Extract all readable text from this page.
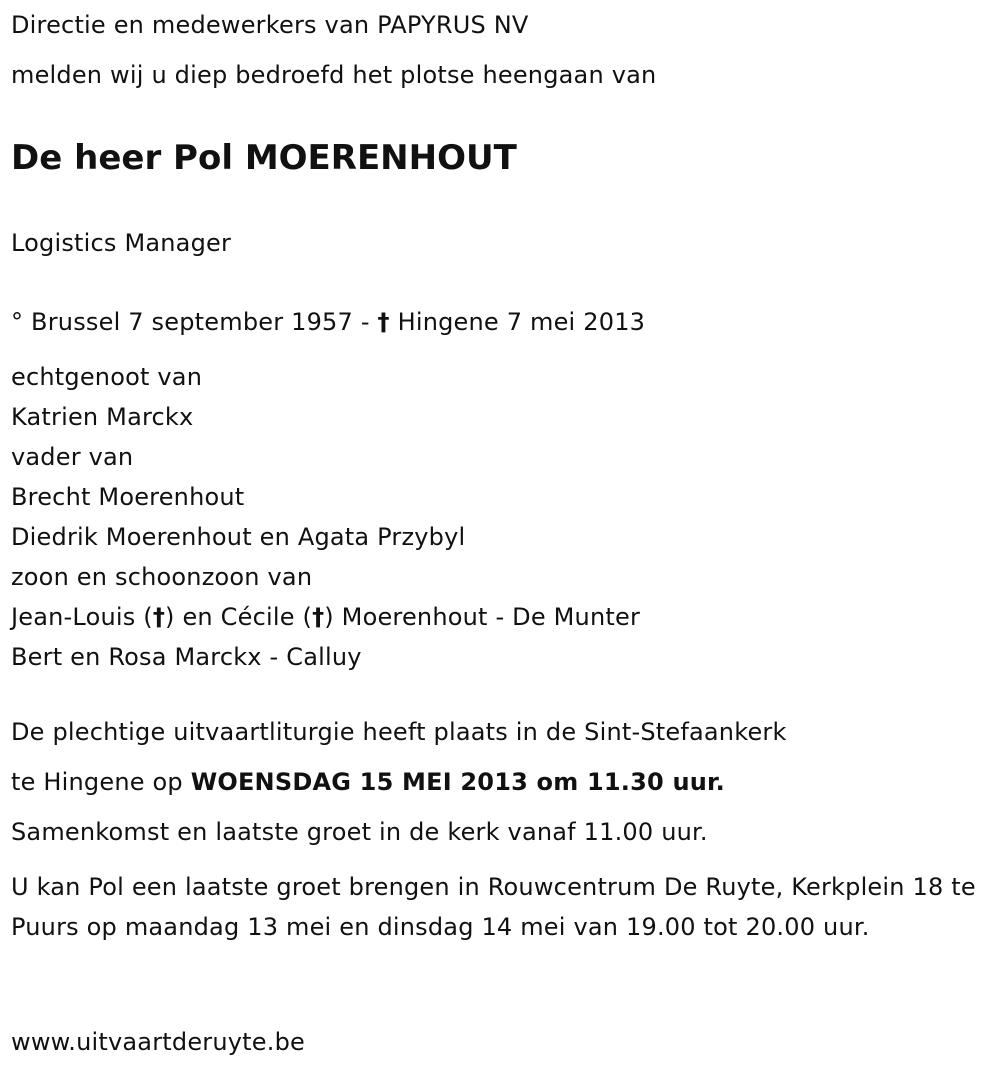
Directie en medewerkers van PAPYRUS NV
melden wij u diep bedroefd het plotse heengaan van
De heer Pol MOERENHOUT
Logistics Manager
° Brussel 7 september 1957 - † Hingene 7 mei 2013
echtgenoot van
Katrien Marckx
vader van
Brecht Moerenhout
Diedrik Moerenhout en Agata Przybyl
zoon en schoonzoon van
Jean-Louis (†) en Cécile (†) Moerenhout - De Munter
Bert en Rosa Marckx - Calluy
De plechtige uitvaartliturgie heeft plaats in de Sint-Stefaankerk
te Hingene op WOENSDAG 15 MEI 2013 om 11.30 uur.
Samenkomst en laatste groet in de kerk vanaf 11.00 uur.
U kan Pol een laatste groet brengen in Rouwcentrum De Ruyte, Kerkplein 18 te Puurs op maandag 13 mei en dinsdag 14 mei van 19.00 tot 20.00 uur.
www.uitvaartderuyte.be
